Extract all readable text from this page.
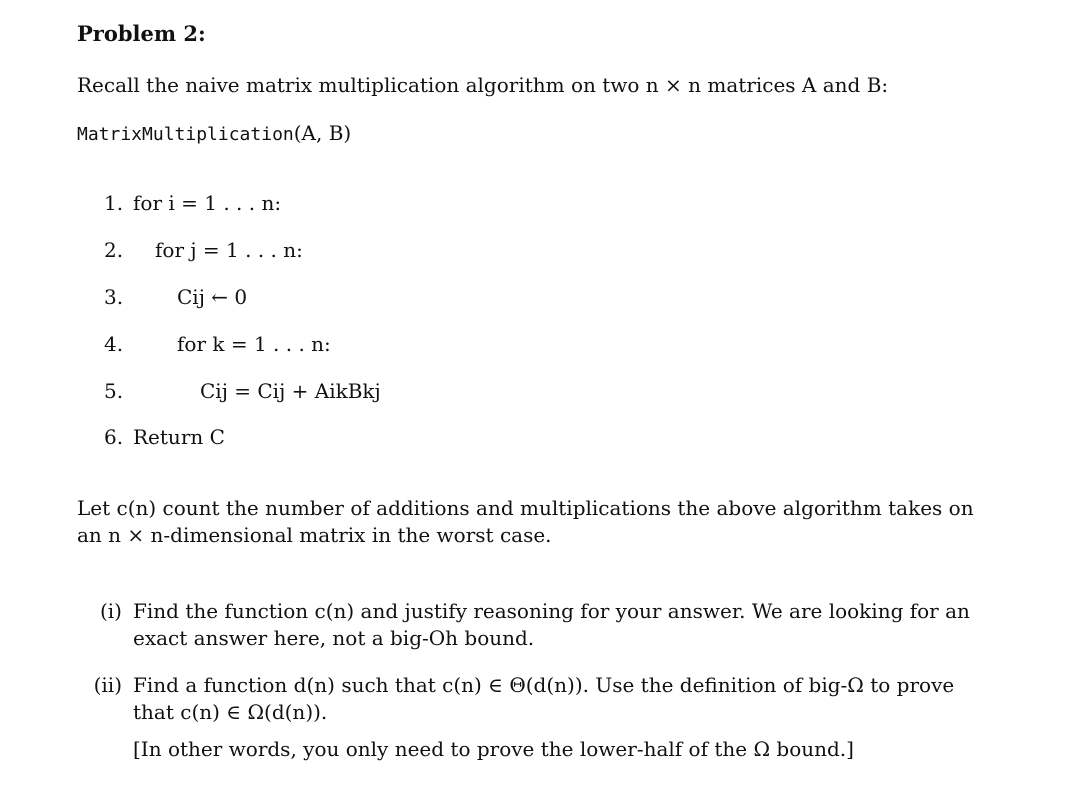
Problem 2:
Recall the naive matrix multiplication algorithm on two n × n matrices A and B:
MatrixMultiplication(A, B)
1. for i = 1 . . . n:
2.	for j = 1 . . . n:
3.	Cij ← 0
4.	for k = 1 . . . n:
5.	Cij = Cij + AikBkj
6. Return C
Let c(n) count the number of additions and multiplications the above algorithm takes on an n × n-dimensional matrix in the worst case.
(i) Find the function c(n) and justify reasoning for your answer. We are looking for an exact answer here, not a big-Oh bound.
(ii) Find a function d(n) such that c(n) ∈ Θ(d(n)). Use the definition of big-Ω to prove that c(n) ∈ Ω(d(n)).
[In other words, you only need to prove the lower-half of the Ω bound.]
